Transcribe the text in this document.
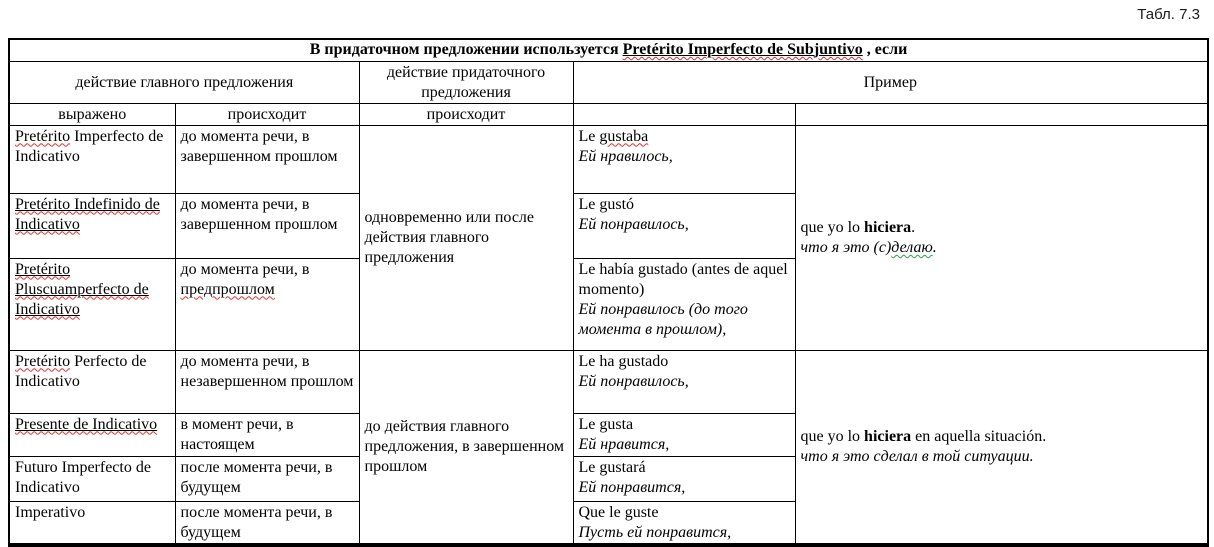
Табл. 7.3
В придаточном предложении используется Pretérito Imperfecto de Subjuntivo , если				
действие главного предложения		действие придаточного предложения	Пример	
выражено	происходит	происходит		
Pretérito Imperfecto de Indicativo	до момента речи, в завершенном прошлом	одновременно или после действия главного предложения	Le gustaba
Ей нравилось,	que yo lo hiciera.
что я это (с)делаю.

Pretérito Indefinido de Indicativo	до момента речи, в завершенном прошлом		Le gustó
Ей понравилось,	

Pretérito Pluscuamperfecto de Indicativo	до момента речи, в предпрошлом		Le había gustado (antes de aquel momento)
Ей понравилось (до того момента в прошлом),	

Pretérito Perfecto de Indicativo	до момента речи, в незавершенном прошлом	до действия главного предложения, в завершенном прошлом	Le ha gustado
Ей понравилось,	que yo lo hiciera en aquella situación.
что я это сделал в той ситуации.

Presente de Indicativo	в момент речи, в настоящем		Le gusta
Ей нравится,	

Futuro Imperfecto de Indicativo	после момента речи, в будущем		Le gustará
Ей понравится,	

Imperativo	после момента речи, в будущем		Que le guste
Пусть ей понравится,	
